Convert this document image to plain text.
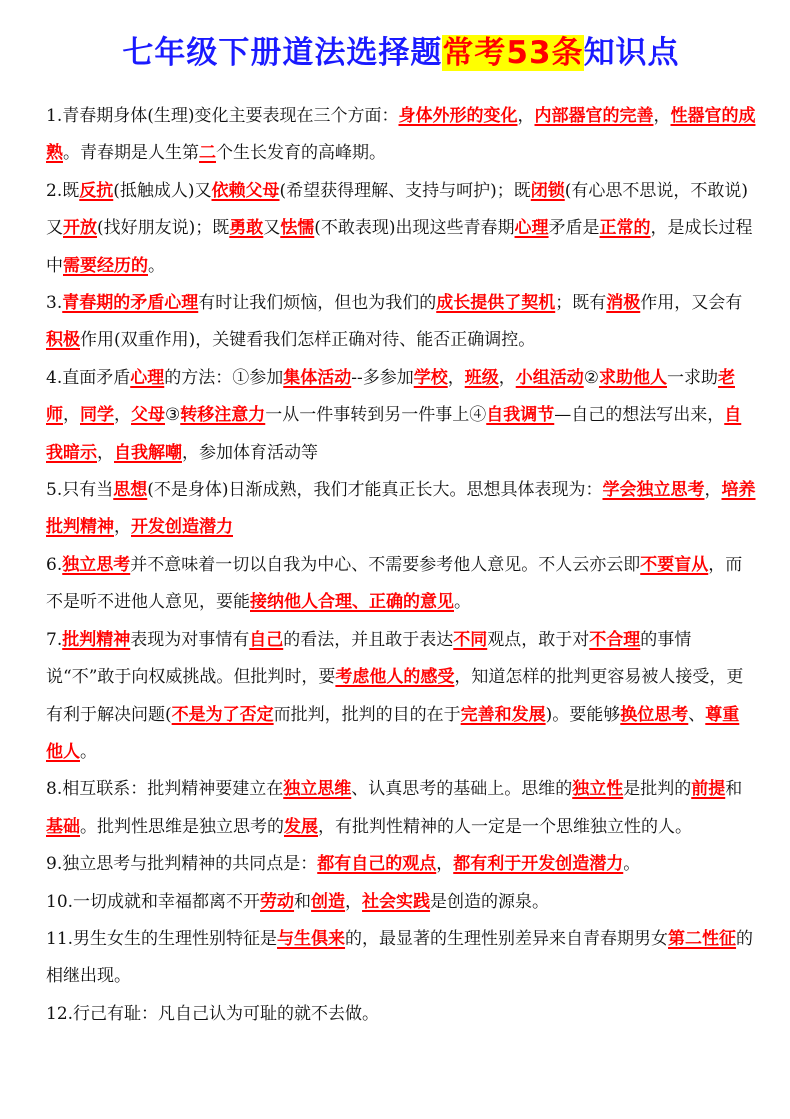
七年级下册道法选择题常考53条知识点

1.青春期身体(生理)变化主要表现在三个方面：身体外形的变化，内部器官的完善，性器官的成熟。青春期是人生第二个生长发育的高峰期。

2.既反抗(抵触成人)又依赖父母(希望获得理解、支持与呵护)；既闭锁(有心思不思说，不敢说)又开放(找好朋友说)；既勇敢又怯懦(不敢表现)出现这些青春期心理矛盾是正常的，是成长过程中需要经历的。

3.青春期的矛盾心理有时让我们烦恼，但也为我们的成长提供了契机；既有消极作用，又会有积极作用(双重作用)，关键看我们怎样正确对待、能否正确调控。

4.直面矛盾心理的方法：①参加集体活动--多参加学校，班级，小组活动②求助他人一求助老师，同学，父母③转移注意力一从一件事转到另一件事上④自我调节—自己的想法写出来，自我暗示，自我解嘲，参加体育活动等

5.只有当思想(不是身体)日渐成熟，我们才能真正长大。思想具体表现为：学会独立思考，培养批判精神，开发创造潜力

6.独立思考并不意味着一切以自我为中心、不需要参考他人意见。不人云亦云即不要盲从，而不是听不进他人意见，要能接纳他人合理、正确的意见。

7.批判精神表现为对事情有自己的看法，并且敢于表达不同观点，敢于对不合理的事情说“不”敢于向权威挑战。但批判时，要考虑他人的感受，知道怎样的批判更容易被人接受，更有利于解决问题(不是为了否定而批判，批判的目的在于完善和发展)。要能够换位思考、尊重他人。

8.相互联系：批判精神要建立在独立思维、认真思考的基础上。思维的独立性是批判的前提和基础。批判性思维是独立思考的发展，有批判性精神的人一定是一个思维独立性的人。

9.独立思考与批判精神的共同点是：都有自己的观点，都有利于开发创造潜力。

10.一切成就和幸福都离不开劳动和创造，社会实践是创造的源泉。

11.男生女生的生理性别特征是与生俱来的，最显著的生理性别差异来自青春期男女第二性征的相继出现。

12.行己有耻：凡自己认为可耻的就不去做。
